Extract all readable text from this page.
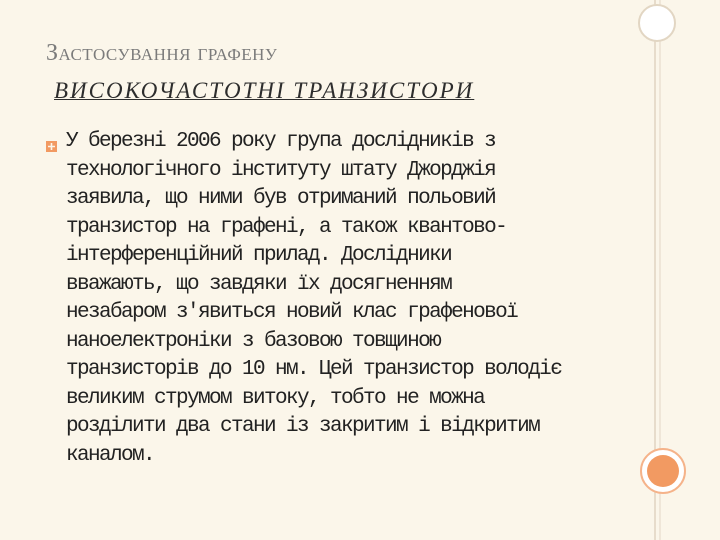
Застосування графену
ВИСОКОЧАСТОТНІ ТРАНЗИСТОРИ
У березні 2006 року група дослідників з
технологічного інституту штату Джорджія
заявила, що ними був отриманий польовий
транзистор на графені, а також квантово-
інтерференційний прилад. Дослідники
вважають, що завдяки їх досягненням
незабаром з'явиться новий клас графенової
наноелектроніки з базовою товщиною
транзисторів до 10 нм. Цей транзистор володіє
великим струмом витоку, тобто не можна
розділити два стани із закритим і відкритим
каналом.
